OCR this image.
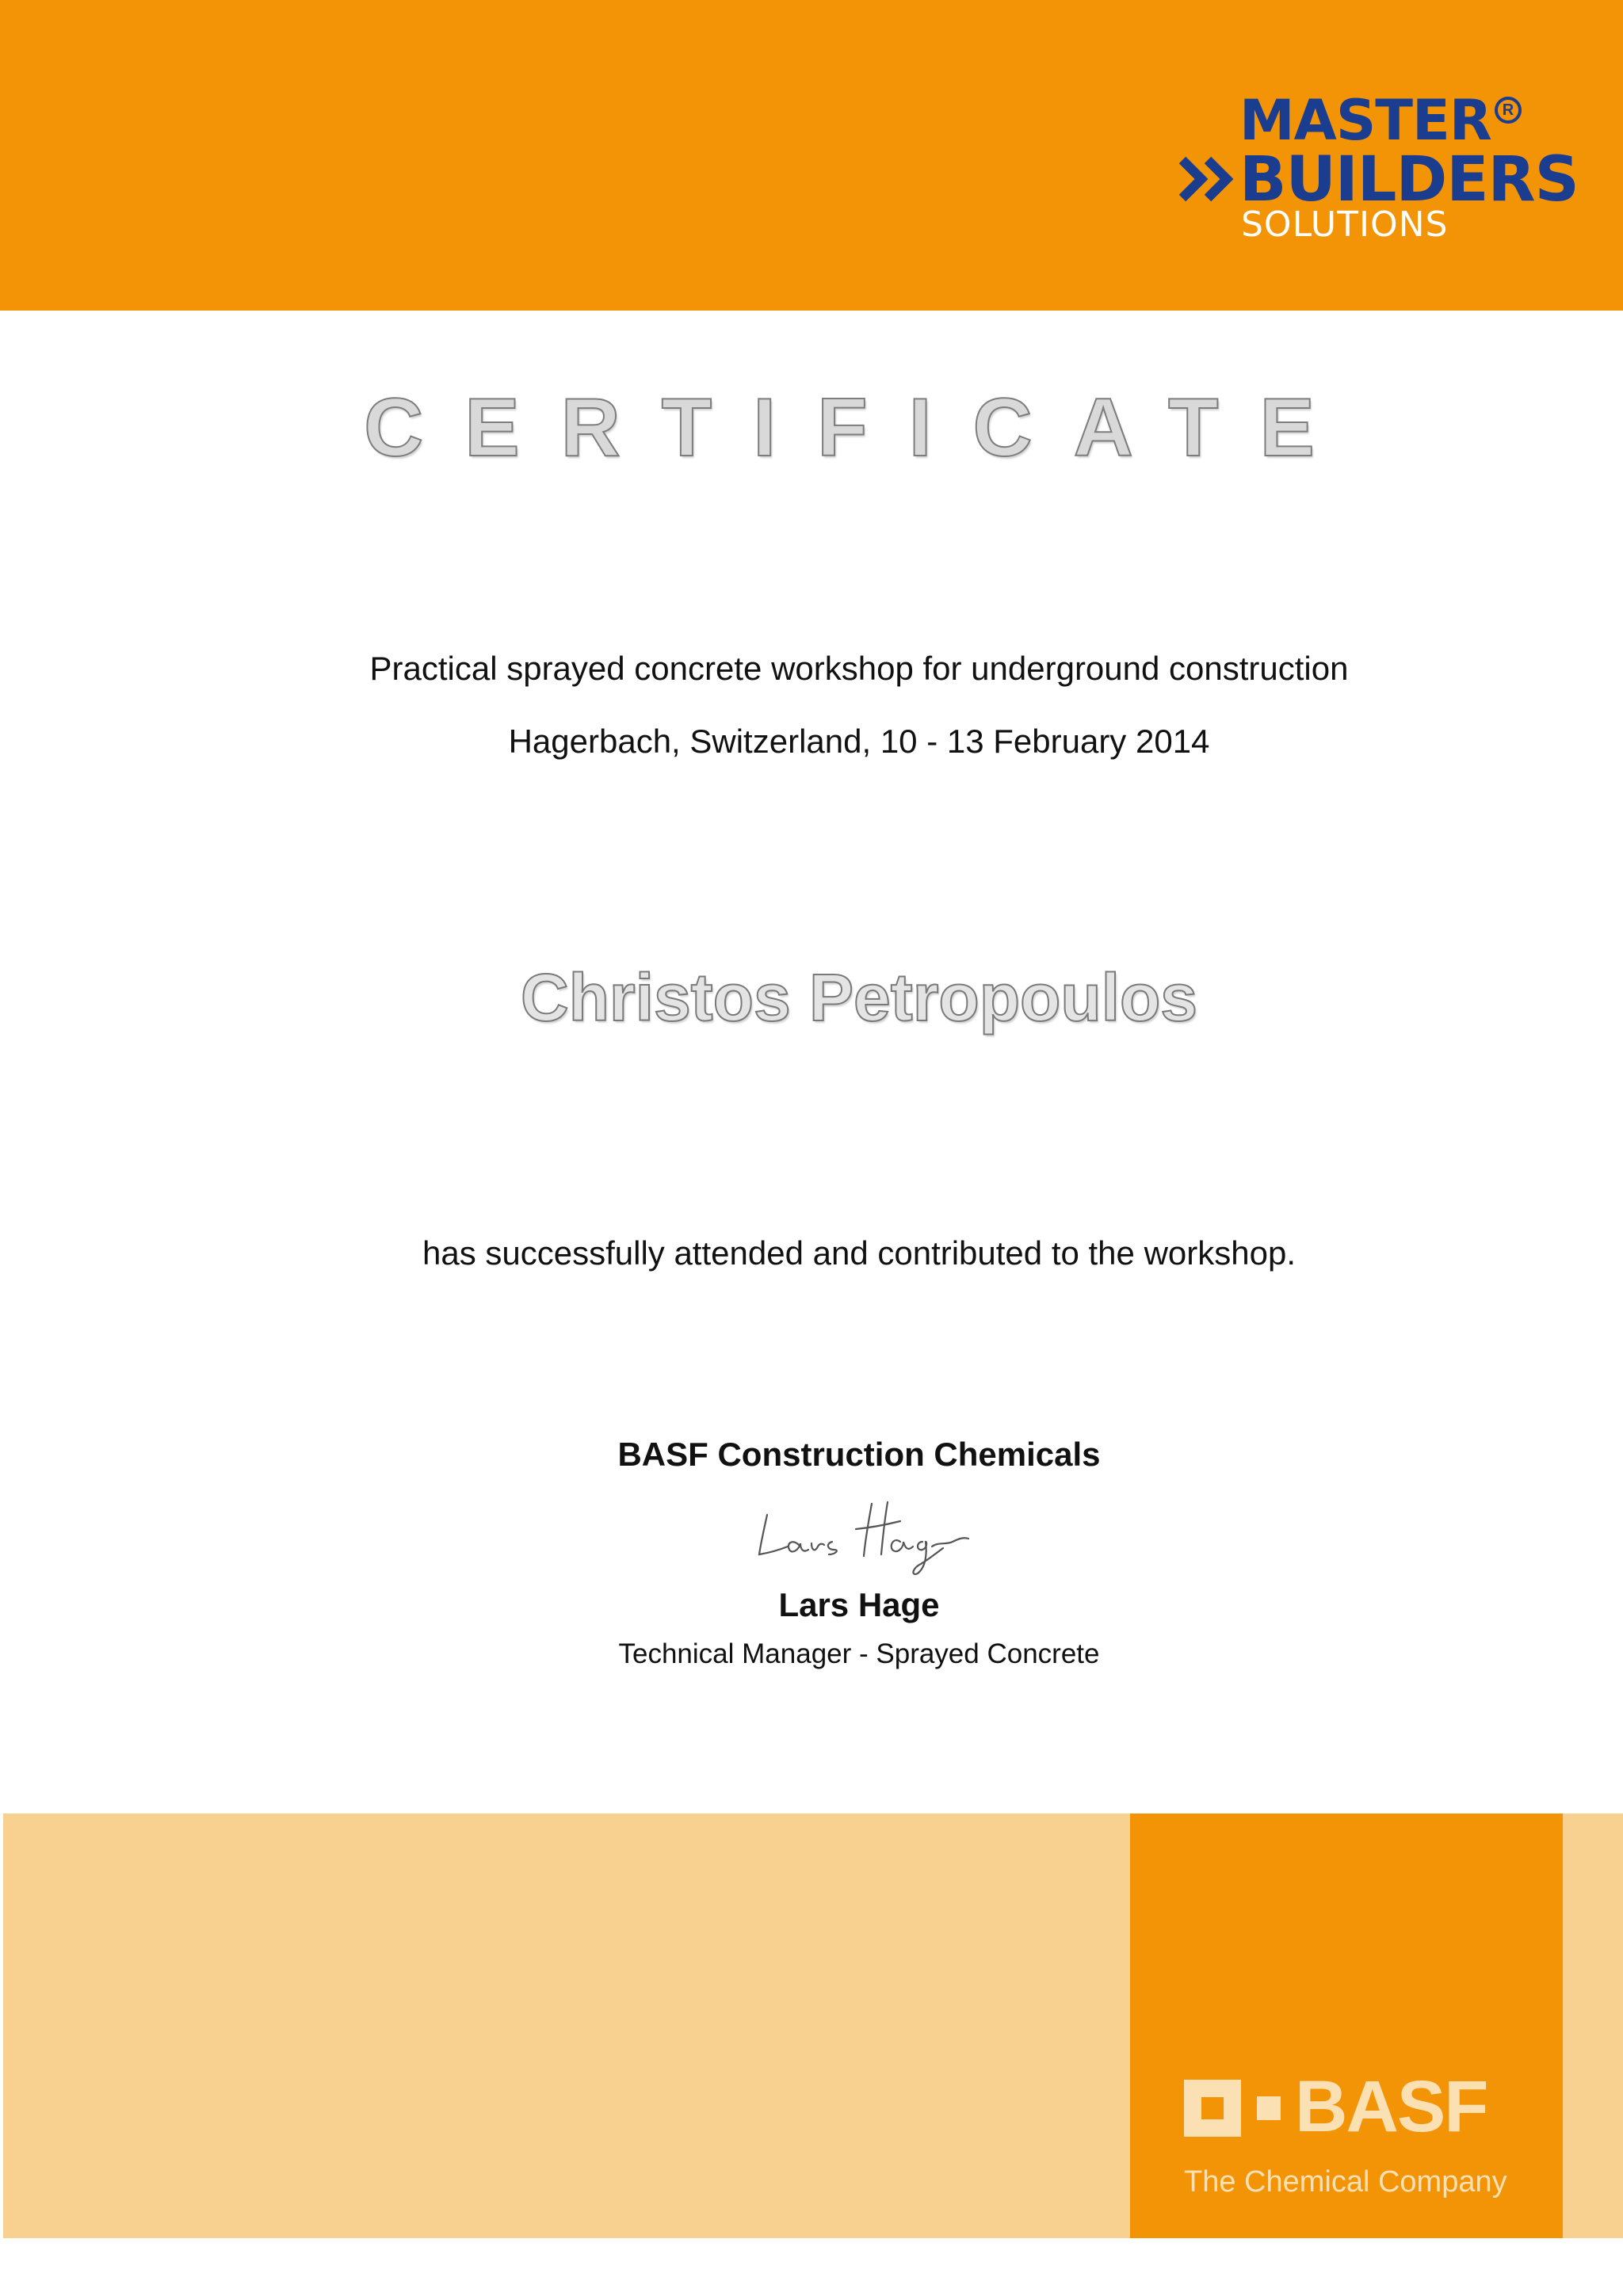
MASTER R
BUILDERS
SOLUTIONS
CERTIFICATE
Practical sprayed concrete workshop for underground construction
Hagerbach, Switzerland, 10 - 13 February 2014
Christos Petropoulos
has successfully attended and contributed to the workshop.
BASF Construction Chemicals
Lars Hage
Technical Manager - Sprayed Concrete
BASF
The Chemical Company
